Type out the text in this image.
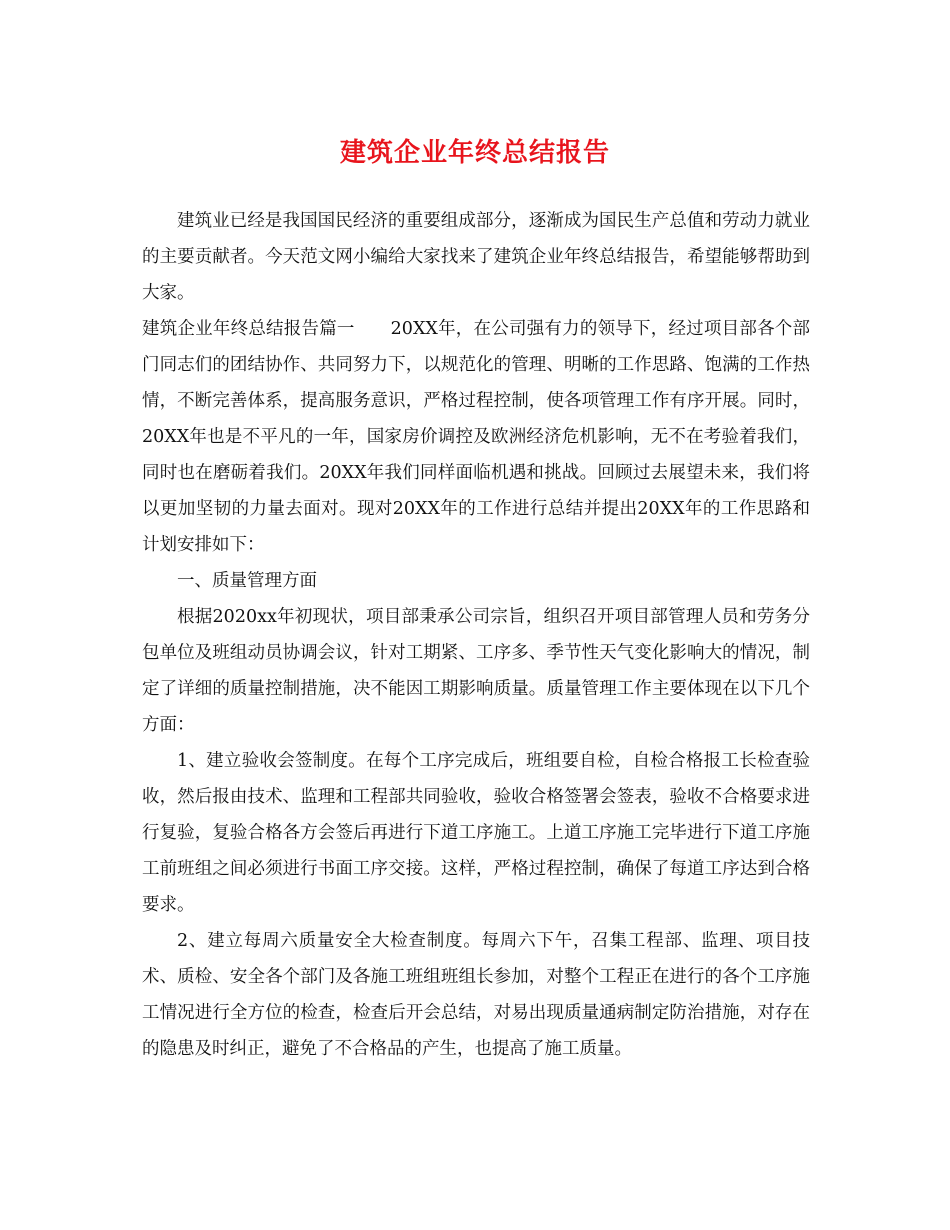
建筑企业年终总结报告

建筑业已经是我国国民经济的重要组成部分，逐渐成为国民生产总值和劳动力就业的主要贡献者。今天范文网小编给大家找来了建筑企业年终总结报告，希望能够帮助到大家。

建筑企业年终总结报告篇一 20XX年，在公司强有力的领导下，经过项目部各个部门同志们的团结协作、共同努力下，以规范化的管理、明晰的工作思路、饱满的工作热情，不断完善体系，提高服务意识，严格过程控制，使各项管理工作有序开展。同时，20XX年也是不平凡的一年，国家房价调控及欧洲经济危机影响，无不在考验着我们，同时也在磨砺着我们。20XX年我们同样面临机遇和挑战。回顾过去展望未来，我们将以更加坚韧的力量去面对。现对20XX年的工作进行总结并提出20XX年的工作思路和计划安排如下：

一、质量管理方面

根据2020xx年初现状，项目部秉承公司宗旨，组织召开项目部管理人员和劳务分包单位及班组动员协调会议，针对工期紧、工序多、季节性天气变化影响大的情况，制定了详细的质量控制措施，决不能因工期影响质量。质量管理工作主要体现在以下几个方面：

1、建立验收会签制度。在每个工序完成后，班组要自检，自检合格报工长检查验收，然后报由技术、监理和工程部共同验收，验收合格签署会签表，验收不合格要求进行复验，复验合格各方会签后再进行下道工序施工。上道工序施工完毕进行下道工序施工前班组之间必须进行书面工序交接。这样，严格过程控制，确保了每道工序达到合格要求。

2、建立每周六质量安全大检查制度。每周六下午，召集工程部、监理、项目技术、质检、安全各个部门及各施工班组班组长参加，对整个工程正在进行的各个工序施工情况进行全方位的检查，检查后开会总结，对易出现质量通病制定防治措施，对存在的隐患及时纠正，避免了不合格品的产生，也提高了施工质量。
